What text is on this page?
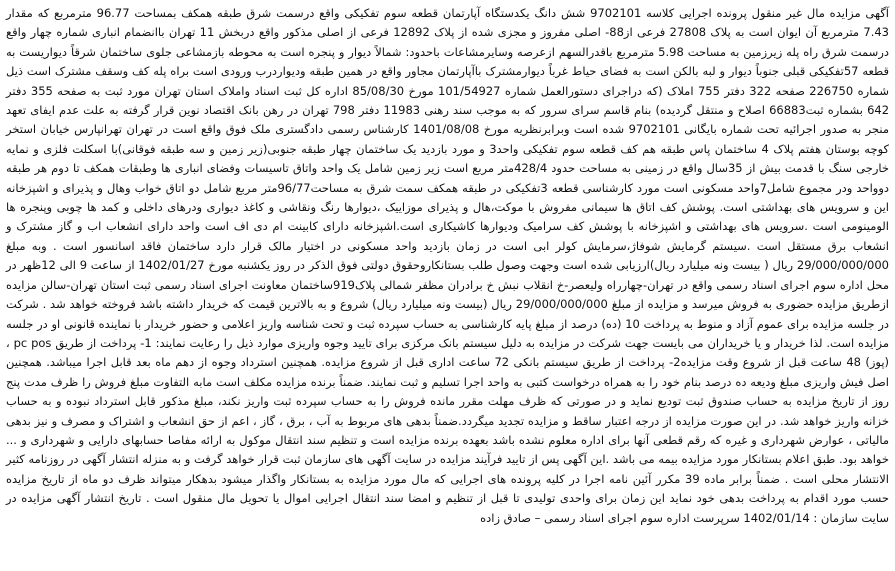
آگهی مزایده مال غیر منقول پرونده اجرایی کلاسه 9702101 شش دانگ یکدستگاه آپارتمان قطعه سوم تفکیکی واقع درسمت شرق طبقه همکف بمساحت 96.77 مترمربع که مقدار 7.43 مترمربع آن ایوان است به پلاک 27808 فرعی از88- اصلی مفروز و مجزی شده از پلاک 12892 فرعی از اصلی مذکور واقع دربخش 11 تهران باانضمام انباری شماره چهار واقع درسمت شرق راه پله زیرزمین به مساحت 5.98 مترمربع باقدرالسهم ازعرصه وسایرمشاعات باحدود: شمالاً دیوار و پنجره است به محوطه بازمشاعی جلوی ساختمان شرقاً دیواریست به قطعه 57تفکیکی قبلی جنوباً دیوار و لبه بالکن است به فضای حیاط غرباً دیوارمشترک باآپارتمان مجاور واقع در همین طبقه ودیواردرب ورودی است براه پله کف وسقف مشترک است ذیل شماره 226750 صفحه 322 دفتر 755 املاک (که دراجرای دستورالعمل شماره 101/54927 مورخ 85/08/30 اداره کل ثبت اسناد واملاک استان تهران مورد ثبت به صفحه 355 دفتر 642 بشماره ثبت66883 اصلاح و منتقل گردیده) بنام قاسم سرای سرور که به موجب سند رهنی 11983 دفتر 798 تهران در رهن بانک اقتصاد نوین قرار گرفته به علت عدم ایفای تعهد منجر به صدور اجرائیه تحت شماره بایگانی 9702101 شده است وبرابرنظریه مورخ 1401/08/08 کارشناس رسمی دادگستری ملک فوق واقع است در تهران تهرانپارس خیابان استخر کوچه بوستان هفتم پلاک 4 ساختمان پاس طبقه هم کف قطعه سوم تفکیکی واحد3 و مورد بازدید یک ساختمان چهار طبقه جنوبی(زیر زمین و سه طبقه فوقانی)با اسکلت فلزی و نمایه خارجی سنگ با قدمت بیش از 35سال واقع در زمینی به مساحت حدود 428/4متر مربع است زیر زمین شامل یک واحد واتاق تاسیسات وفضای انباری ها وطبقات همکف تا دوم هر طبقه دوواحد ودر مجموع شامل7واحد مسکونی است مورد کارشناسی قطعه 3تفکیکی در طبقه همکف سمت شرق به مساحت96/77متر مربع شامل دو اتاق خواب وهال و پذیرای و اشپزخانه این و سرویس های بهداشتی است. پوشش کف اتاق ها سیمانی مفروش با موکت،هال و پذیرای موزاییک ،دیوارها رنگ ونقاشی و کاغذ دیواری ودرهای داخلی و کمد ها چوبی وپنجره ها الومینومی است .سرویس های بهداشتی و اشپزخانه با پوشش کف سرامیک ودیوارها کاشیکاری است.اشپزخانه دارای کابینت ام دی اف است واحد دارای انشعاب اب و گاز مشترک و انشعاب برق مستقل است .سیستم گرمایش شوفاژ،سرمایش کولر ابی است در زمان بازدید واحد مسکونی در اختیار مالک قرار دارد ساختمان فاقد اسانسور است . وبه مبلغ 29/000/000/000 ریال ( بیست ونه میلیارد ریال)ارزیابی شده است وجهت وصول طلب بستانکاروحقوق دولتی فوق الذکر در روز یکشنبه مورخ 1402/01/27 از ساعت 9 الی 12ظهر در محل اداره سوم اجرای اسناد رسمی واقع در تهران-چهارراه ولیعصر-خ انقلاب نبش خ برادران مظفر شمالی پلاک919ساختمان معاونت اجرای اسناد رسمی ثبت استان تهران-سالن مزایده ازطریق مزایده حضوری به فروش میرسد و مزایده از مبلغ 29/000/000/000 ریال (بیست ونه میلیارد ریال) شروع و به بالاترین قیمت که خریدار داشته باشد فروخته خواهد شد . شرکت در جلسه مزایده برای عموم آزاد و منوط به پرداخت 10 (ده) درصد از مبلغ پایه کارشناسی به حساب سپرده ثبت و تحت شناسه واریز اعلامی و حضور خریدار با نماینده قانونی او در جلسه مزایده است. لذا خریدار و یا خریداران می بایست جهت شرکت در مزایده به دلیل سیستم بانک مرکزی برای تایید وجوه واریزی موارد ذیل را رعایت نمایند: 1- پرداخت از طریق pc pos ، (پوز) 48 ساعت قبل از شروع وقت مزایده2- پرداخت از طریق سیستم بانکی 72 ساعت اداری قبل از شروع مزایده. همچنین استرداد وجوه از دهم ماه بعد قابل اجرا میباشد. همچنین اصل فیش واریزی مبلغ ودیعه ده درصد بنام خود را به همراه درخواست کتبی به واحد اجرا تسلیم و ثبت نمایند. ضمناً برنده مزایده مکلف است مابه التفاوت مبلغ فروش را ظرف مدت پنج روز از تاریخ مزایده به حساب صندوق ثبت تودیع نماید و در صورتی که ظرف مهلت مقرر مانده فروش را به حساب سپرده ثبت واریز نکند، مبلغ مذکور قابل استرداد نبوده و به حساب خزانه واریز خواهد شد. در این صورت مزایده از درجه اعتبار ساقط و مزایده تجدید میگردد.ضمناً بدهی های مربوط به آب ، برق ، گاز ، اعم از حق انشعاب و اشتراک و مصرف و نیز بدهی مالیاتی ، عوارض شهرداری و غیره که رقم قطعی آنها برای اداره معلوم نشده باشد بعهده برنده مزایده است و تنظیم سند انتقال موکول به ارائه مفاصا حسابهای دارایی و شهرداری و ... خواهد بود. طبق اعلام بستانکار مورد مزایده بیمه می باشد .این آگهی پس از تایید فرآیند مزایده در سایت آگهی های سازمان ثبت قرار خواهد گرفت و به منزله انتشار آگهی در روزنامه کثیر الانتشار محلی است . ضمناً برابر ماده 39 مکرر آئین نامه اجرا در کلیه پرونده های اجرایی که مال مورد مزایده به بستانکار واگذار میشود بدهکار میتواند ظرف دو ماه از تاریخ مزایده حسب مورد اقدام به پرداخت بدهی خود نماید این زمان برای واحدی تولیدی تا قبل از تنظیم و امضا سند انتقال اجرایی اموال یا تحویل مال منقول است . تاریخ انتشار آگهی مزایده در سایت سازمان : 1402/01/14 سرپرست اداره سوم اجرای اسناد رسمی – صادق زاده
